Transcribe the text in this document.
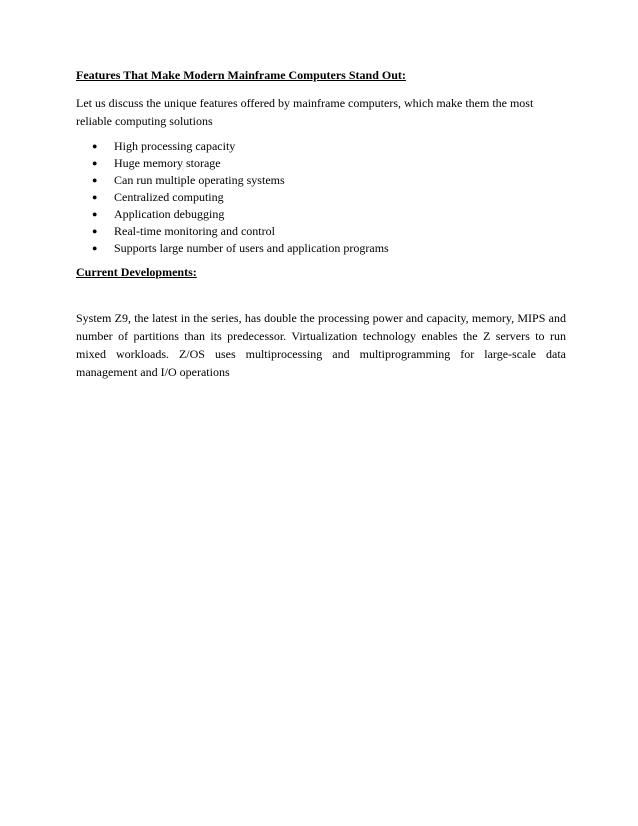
Features That Make Modern Mainframe Computers Stand Out:

Let us discuss the unique features offered by mainframe computers, which make them the most reliable computing solutions

● High processing capacity
● Huge memory storage
● Can run multiple operating systems
● Centralized computing
● Application debugging
● Real-time monitoring and control
● Supports large number of users and application programs

Current Developments:

System Z9, the latest in the series, has double the processing power and capacity, memory, MIPS and number of partitions than its predecessor. Virtualization technology enables the Z servers to run mixed workloads. Z/OS uses multiprocessing and multiprogramming for large-scale data management and I/O operations
